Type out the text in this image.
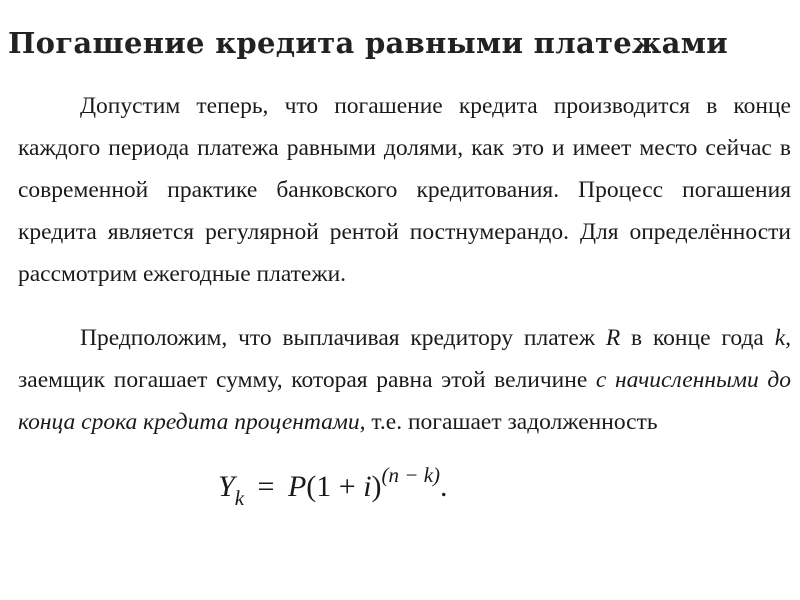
Погашение кредита равными платежами

Допустим теперь, что погашение кредита производится в конце каждого периода платежа равными долями, как это и имеет место сейчас в современной практике банковского кредитования. Процесс погашения кредита является регулярной рентой постнумерандо. Для определённости рассмотрим ежегодные платежи.

Предположим, что выплачивая кредитору платеж R в конце года k, заемщик погашает сумму, которая равна этой величине с начисленными до конца срока кредита процентами, т.е. погашает задолженность

$Y_k = P(1 + i)^{(n - k)}$.
